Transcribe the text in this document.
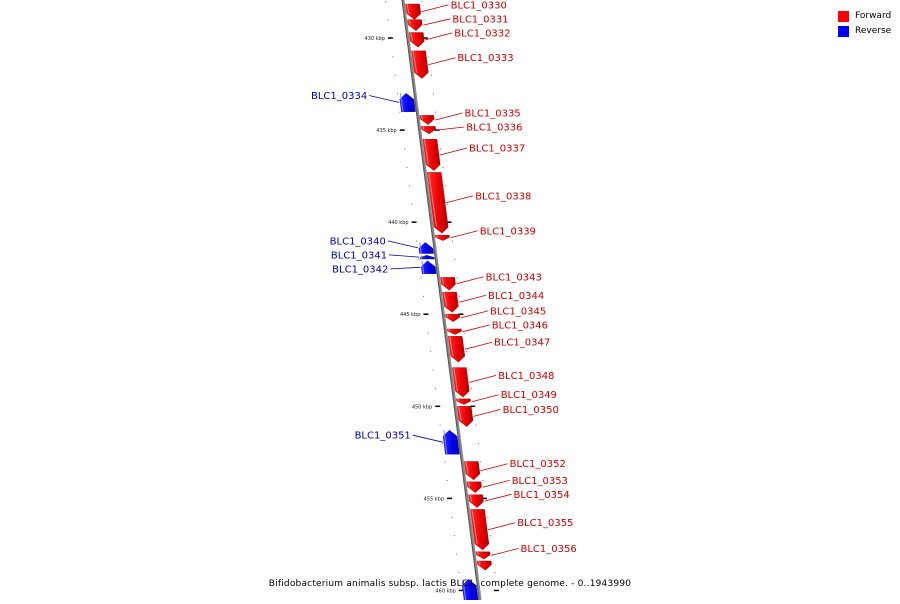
430 kbp
435 kbp
440 kbp
445 kbp
450 kbp
455 kbp
460 kbp
BLC1_0330
BLC1_0331
BLC1_0332
BLC1_0333
BLC1_0334
BLC1_0335
BLC1_0336
BLC1_0337
BLC1_0338
BLC1_0339
BLC1_0340
BLC1_0341
BLC1_0342
BLC1_0343
BLC1_0344
BLC1_0345
BLC1_0346
BLC1_0347
BLC1_0348
BLC1_0349
BLC1_0350
BLC1_0351
BLC1_0352
BLC1_0353
BLC1_0354
BLC1_0355
BLC1_0356
Forward
Reverse
Bifidobacterium animalis subsp. lactis BLC1, complete genome. - 0..1943990
